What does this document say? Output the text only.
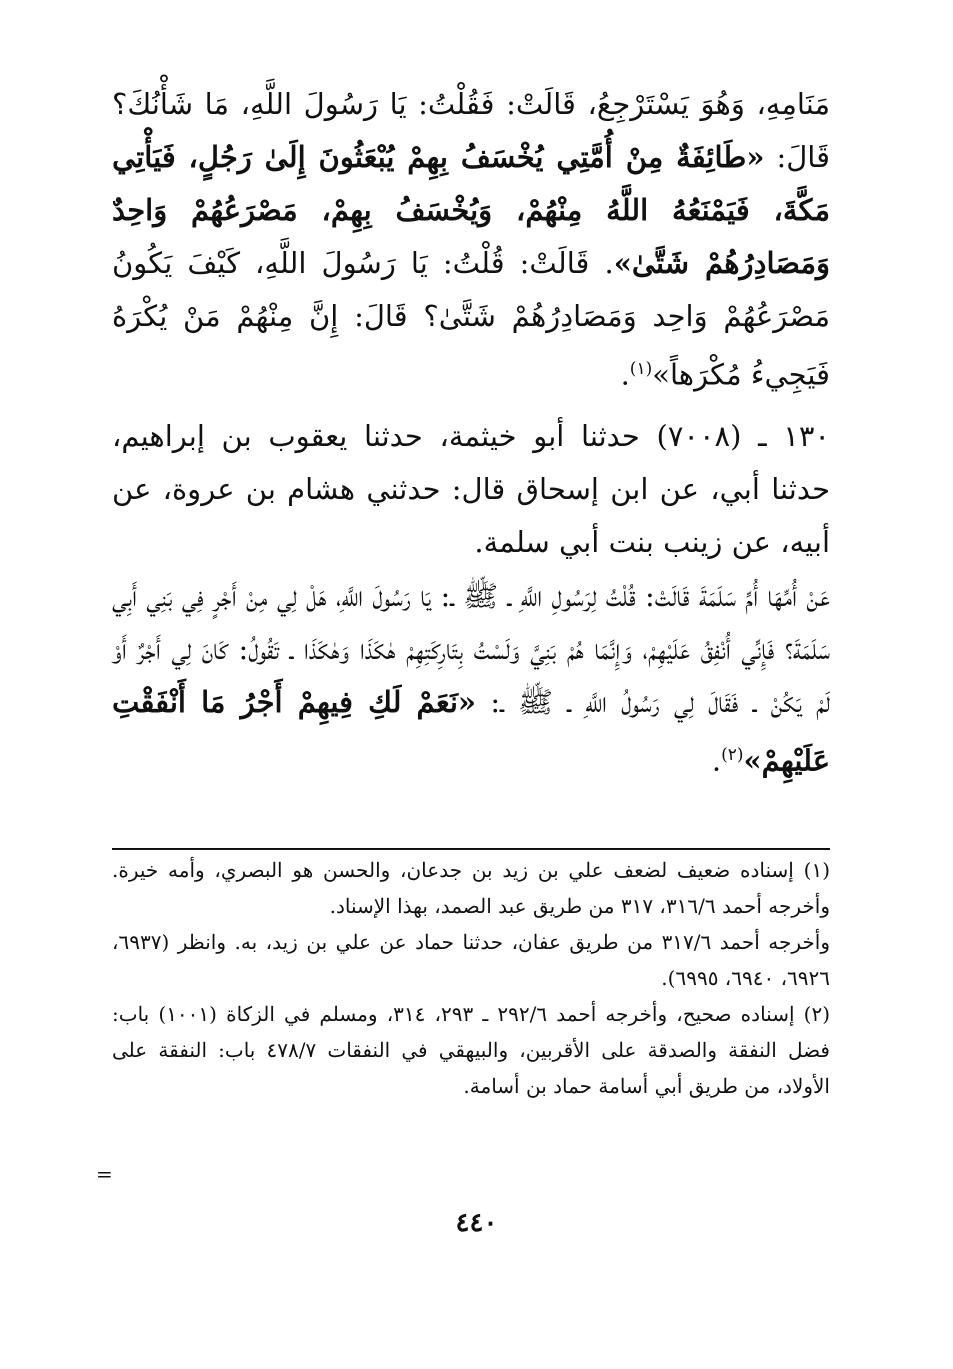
مَنَامِهِ، وَهُوَ يَسْتَرْجِعُ، قَالَتْ: فَقُلْتُ: يَا رَسُولَ اللَّهِ، مَا شَأْنُكَ؟ قَالَ: «طَائِفَةٌ مِنْ أُمَّتِي يُخْسَفُ بِهِمْ يُبْعَثُونَ إِلَىٰ رَجُلٍ، فَيَأْتِي مَكَّةَ، فَيَمْنَعُهُ اللَّهُ مِنْهُمْ، وَيُخْسَفُ بِهِمْ، مَصْرَعُهُمْ وَاحِدٌ وَمَصَادِرُهُمْ شَتَّىٰ». قَالَتْ: قُلْتُ: يَا رَسُولَ اللَّهِ، كَيْفَ يَكُونُ مَصْرَعُهُمْ وَاحِد وَمَصَادِرُهُمْ شَتَّىٰ؟ قَالَ: إِنَّ مِنْهُمْ مَنْ يُكْرَهُ فَيَجِيءُ مُكْرَهاً»$^{(١)}$.

١٣٠ ـ (٧٠٠٨) حدثنا أبو خيثمة، حدثنا يعقوب بن إبراهيم، حدثنا أبي، عن ابن إسحاق قال: حدثني هشام بن عروة، عن أبيه، عن زينب بنت أبي سلمة.

عَنْ أُمِّهَا أُمِّ سَلَمَةَ قَالَتْ: قُلْتُ لِرَسُولِ اللَّهِ ـ ﷺ ـ: يَا رَسُولَ اللَّهِ، هَلْ لِي مِنْ أَجْرٍ فِي بَنِي أَبِي سَلَمَةَ؟ فَإِنِّي أُنْفِقُ عَلَيْهِمْ، وَإِنَّمَا هُمْ بَنِيَّ وَلَسْتُ بِتَارِكَتِهِمْ هٰكَذَا وَهٰكَذَا ـ تَقُولُ: كَانَ لِي أَجْرٌ أَوْ لَمْ يَكُنْ ـ فَقَالَ لِي رَسُولُ اللَّهِ ـ ﷺ ـ: «نَعَمْ لَكِ فِيهِمْ أَجْرُ مَا أَنْفَقْتِ عَلَيْهِمْ»$^{(٢)}$.

(١) إسناده ضعيف لضعف علي بن زيد بن جدعان، والحسن هو البصري، وأمه خيرة. وأخرجه أحمد ٣١٦/٦، ٣١٧ من طريق عبد الصمد، بهذا الإسناد.

وأخرجه أحمد ٣١٧/٦ من طريق عفان، حدثنا حماد عن علي بن زيد، به. وانظر (٦٩٣٧، ٦٩٢٦، ٦٩٤٠، ٦٩٩٥).

(٢) إسناده صحيح، وأخرجه أحمد ٢٩٢/٦ ـ ٢٩٣، ٣١٤، ومسلم في الزكاة (١٠٠١) باب: فضل النفقة والصدقة على الأقربين، والبيهقي في النفقات ٤٧٨/٧ باب: النفقة على الأولاد، من طريق أبي أسامة حماد بن أسامة.

=
٤٤٠
